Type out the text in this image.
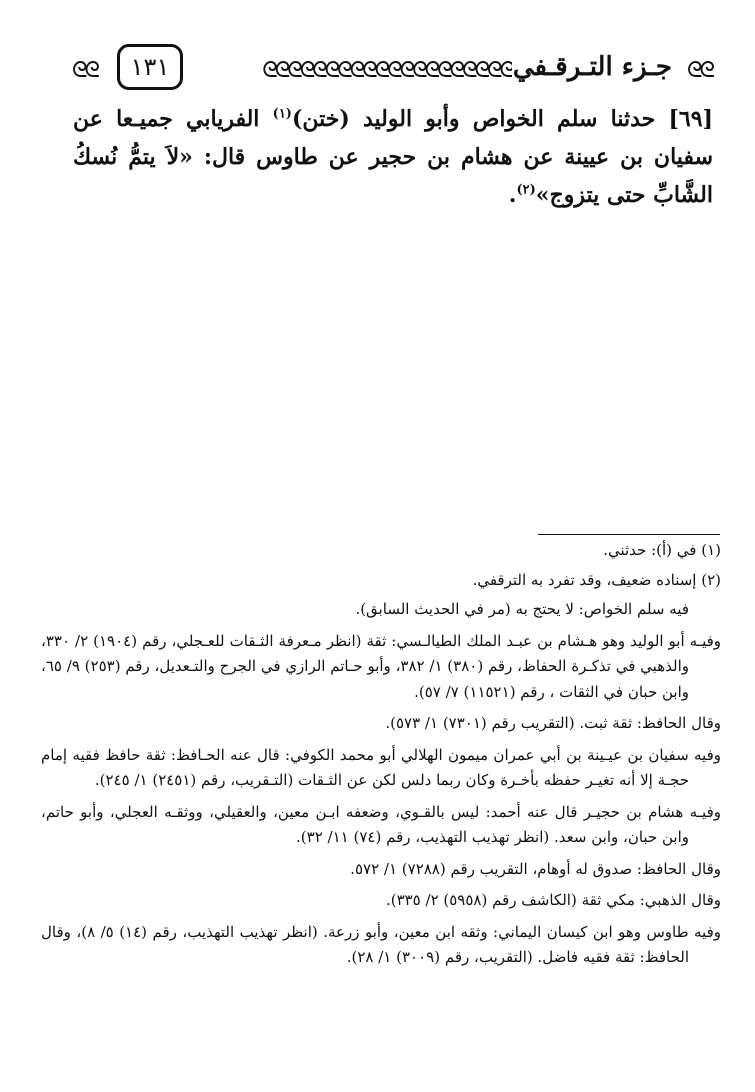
ᘓᘓ
جـزء التـرقـفي
ᘓᘓᘓᘓᘓᘓᘓᘓᘓᘓᘓᘓᘓᘓᘓᘓᘓᘓᘓᘓ
١٣١
ᘓᘓ
[٦٩] حدثنا سلم الخواص وأبو الوليد (ختن)$^{(١)}$ الفريابي جميـعا عن سفيان بن عيينة عن هشام بن حجير عن طاوس قال: «لاَ يتمُّ نُسكُ الشَّابِّ حتى يتزوج»$^{(٢)}$.

(١) في (أ): حدثني.

(٢) إسناده ضعيف، وقد تفرد به الترقفي.

فيه سلم الخواص: لا يحتج به (مر في الحديث السابق).

وفيـه أبو الوليد وهو هـشام بن عبـد الملك الطيالـسي: ثقة (انظر مـعرفة الثـقات للعـجلي، رقم (١٩٠٤) ٢/ ٣٣٠، والذهبي في تذكـرة الحفاظ، رقم (٣٨٠) ١/ ٣٨٢، وأبو حـاتم الرازي في الجرح والتـعديل، رقم (٢٥٣) ٩/ ٦٥، وابن حبان في الثقات ، رقم (١١٥٢١) ٧/ ٥٧).

وقال الحافظ: ثقة ثبت. (التقريب رقم (٧٣٠١) ١/ ٥٧٣).

وفيه سفيان بن عيـينة بن أبي عمران ميمون الهلالي أبو محمد الكوفي: قال عنه الحـافظ: ثقة حافظ فقيه إمام حجـة إلا أنه تغيـر حفظه بأخـرة وكان ربما دلس لكن عن الثـقات (التـقريب، رقم (٢٤٥١) ١/ ٢٤٥).

وفيـه هشام بن حجيـر قال عنه أحمد: ليس بالقـوي، وضعفه ابـن معين، والعقيلي، ووثقـه العجلي، وأبو حاتم، وابن حبان، وابن سعد. (انظر تهذيب التهذيب، رقم (٧٤) ١١/ ٣٢).

وقال الحافظ: صدوق له أوهام، التقريب رقم (٧٢٨٨) ١/ ٥٧٢.

وقال الذهبي: مكي ثقة (الكاشف رقم (٥٩٥٨) ٢/ ٣٣٥).

وفيه طاوس وهو ابن كيسان اليماني: وثقه ابن معين، وأبو زرعة. (انظر تهذيب التهذيب، رقم (١٤) ٥/ ٨)، وقال الحافظ: ثقة فقيه فاضل. (التقريب، رقم (٣٠٠٩) ١/ ٢٨).
